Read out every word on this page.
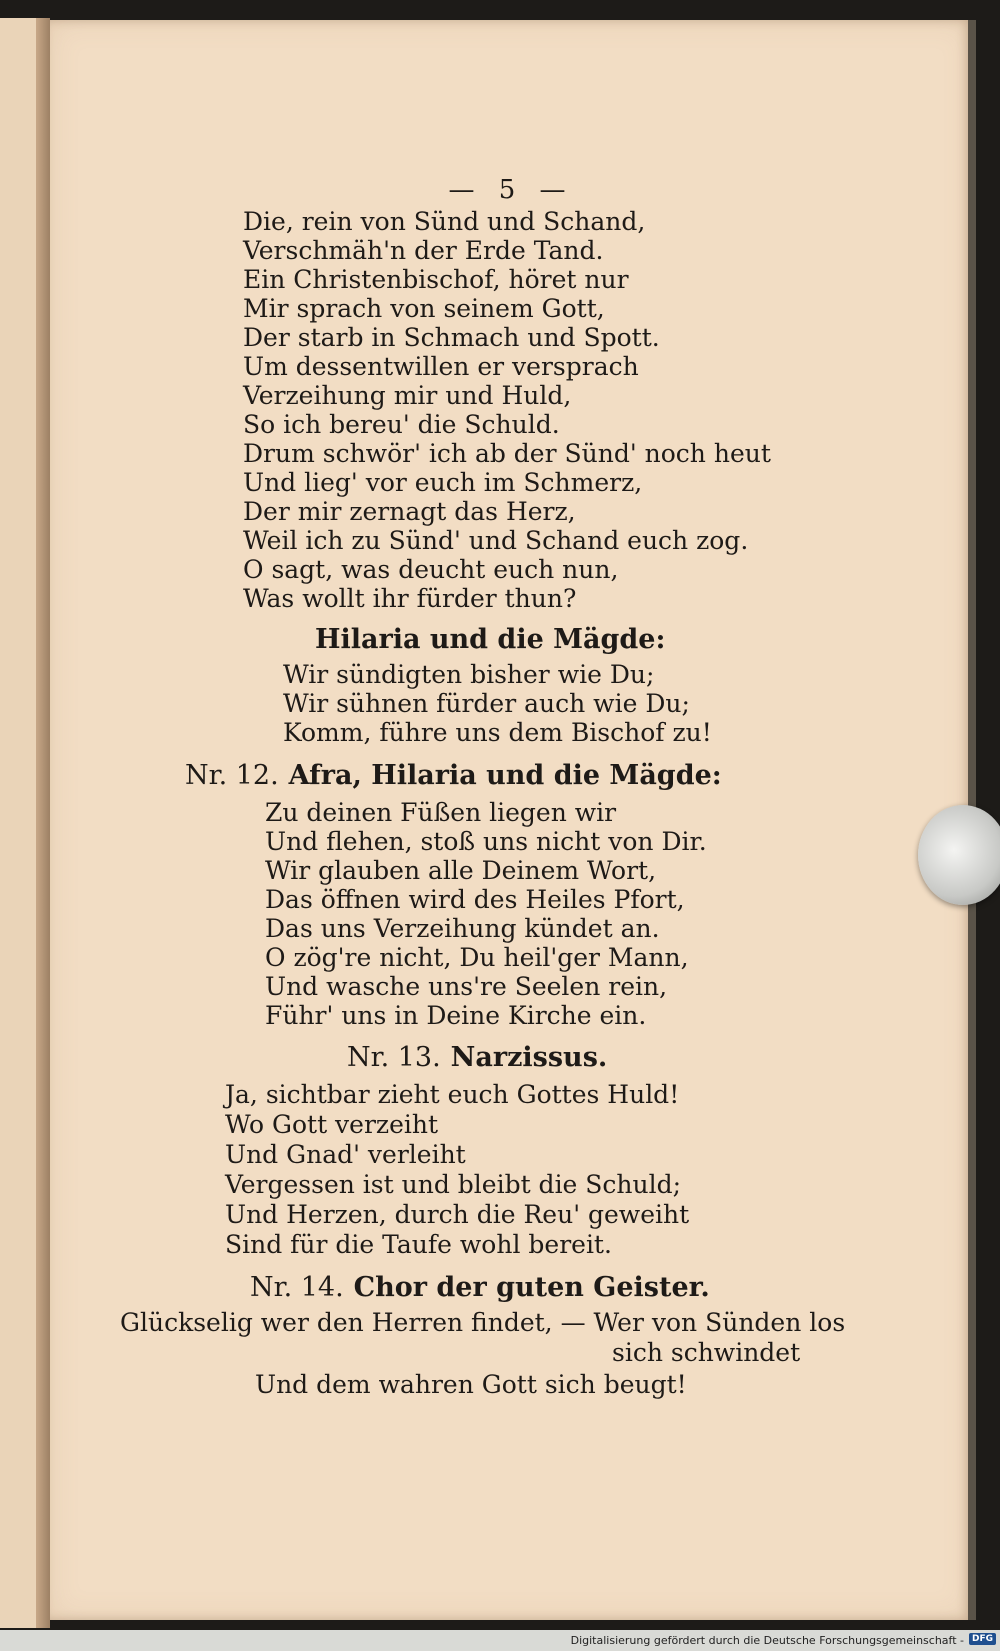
— 5 —
Die, rein von Sünd und Schand,
Verschmäh'n der Erde Tand.
Ein Christenbischof, höret nur
Mir sprach von seinem Gott,
Der starb in Schmach und Spott.
Um dessentwillen er versprach
Verzeihung mir und Huld,
So ich bereu' die Schuld.
Drum schwör' ich ab der Sünd' noch heut
Und lieg' vor euch im Schmerz,
Der mir zernagt das Herz,
Weil ich zu Sünd' und Schand euch zog.
O sagt, was deucht euch nun,
Was wollt ihr fürder thun?
Hilaria und die Mägde:
Wir sündigten bisher wie Du;
Wir sühnen fürder auch wie Du;
Komm, führe uns dem Bischof zu!
Nr. 12. Afra, Hilaria und die Mägde:
Zu deinen Füßen liegen wir
Und flehen, stoß uns nicht von Dir.
Wir glauben alle Deinem Wort,
Das öffnen wird des Heiles Pfort,
Das uns Verzeihung kündet an.
O zög're nicht, Du heil'ger Mann,
Und wasche uns're Seelen rein,
Führ' uns in Deine Kirche ein.
Nr. 13. Narzissus.
Ja, sichtbar zieht euch Gottes Huld!
Wo Gott verzeiht
Und Gnad' verleiht
Vergessen ist und bleibt die Schuld;
Und Herzen, durch die Reu' geweiht
Sind für die Taufe wohl bereit.
Nr. 14. Chor der guten Geister.
Glückselig wer den Herren findet, — Wer von Sünden los
sich schwindet
Und dem wahren Gott sich beugt!
Digitalisierung gefördert durch die Deutsche Forschungsgemeinschaft - DFG
